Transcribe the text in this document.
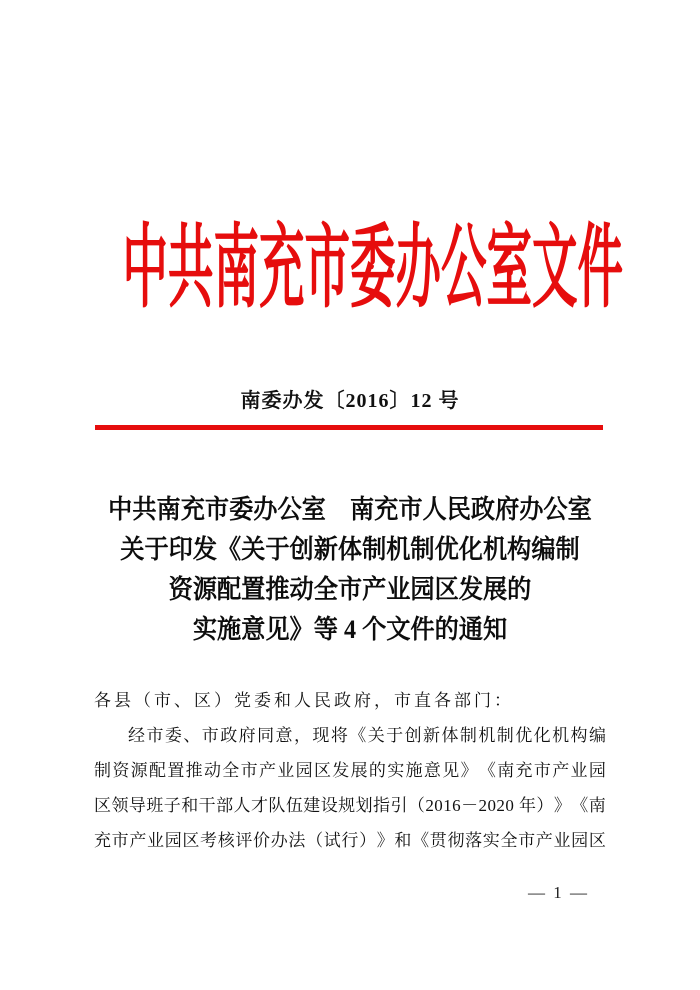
中共南充市委办公室文件
南委办发〔2016〕12 号
中共南充市委办公室　南充市人民政府办公室
关于印发《关于创新体制机制优化机构编制
资源配置推动全市产业园区发展的
实施意见》等 4 个文件的通知
各县（市、区）党委和人民政府，市直各部门：
经 市 委 、 市 政 府 同 意 ， 现 将 《 关 于 创 新 体 制 机 制 优 化 机 构 编
制 资 源 配 置 推 动 全 市 产 业 园 区 发 展 的 实 施 意 见 》 《 南 充 市 产 业 园
区 领 导 班 子 和 干 部 人 才 队 伍 建 设 规 划 指 引 （ 2 0 1 6 － 2 0 2 0
年 ） 》 《 南
充 市 产 业 园 区 考 核 评 价 办 法 （ 试 行 ） 》 和 《 贯 彻 落 实 全 市 产 业 园 区
— 1 —
